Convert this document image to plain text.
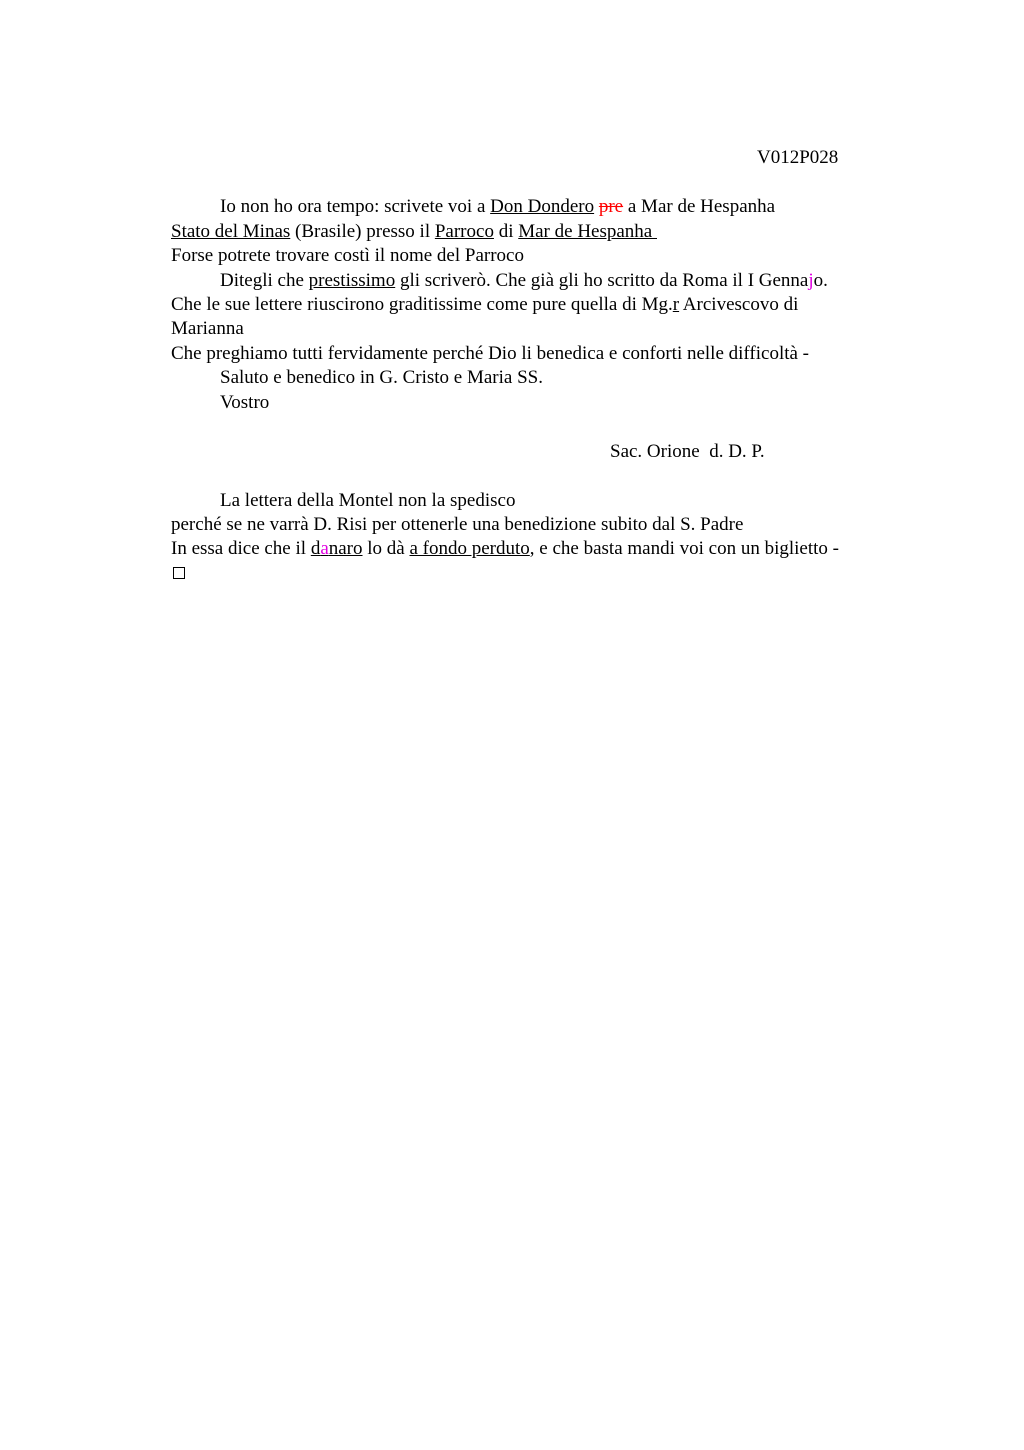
V012P028
Io non ho ora tempo: scrivete voi a Don Dondero pre a Mar de Hespanha
Stato del Minas (Brasile) presso il Parroco di Mar de Hespanha
Forse potrete trovare costì il nome del Parroco
Ditegli che prestissimo gli scriverò. Che già gli ho scritto da Roma il I Gennajo.
Che le sue lettere riuscirono graditissime come pure quella di Mg.r Arcivescovo di
Marianna
Che preghiamo tutti fervidamente perché Dio li benedica e conforti nelle difficoltà -
Saluto e benedico in G. Cristo e Maria SS.
Vostro
Sac. Orione  d. D. P.
La lettera della Montel non la spedisco
perché se ne varrà D. Risi per ottenerle una benedizione subito dal S. Padre
In essa dice che il danaro lo dà a fondo perduto, e che basta mandi voi con un biglietto -
